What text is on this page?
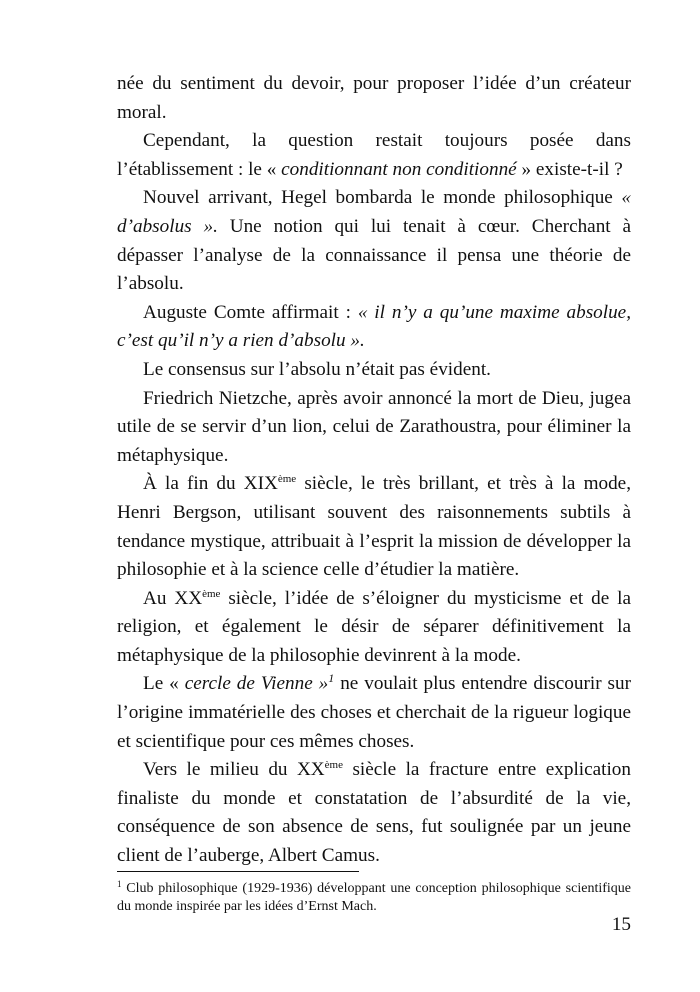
née du sentiment du devoir, pour proposer l’idée d’un créateur moral.

Cependant, la question restait toujours posée dans l’établissement : le « conditionnant non conditionné » existe-t-il ?

Nouvel arrivant, Hegel bombarda le monde philosophique « d’absolus ». Une notion qui lui tenait à cœur. Cherchant à dépasser l’analyse de la connaissance il pensa une théorie de l’absolu.

Auguste Comte affirmait : « il n’y a qu’une maxime absolue, c’est qu’il n’y a rien d’absolu ».

Le consensus sur l’absolu n’était pas évident.

Friedrich Nietzche, après avoir annoncé la mort de Dieu, jugea utile de se servir d’un lion, celui de Zarathoustra, pour éliminer la métaphysique.

À la fin du XIXème siècle, le très brillant, et très à la mode, Henri Bergson, utilisant souvent des raisonnements subtils à tendance mystique, attribuait à l’esprit la mission de développer la philosophie et à la science celle d’étudier la matière.

Au XXème siècle, l’idée de s’éloigner du mysticisme et de la religion, et également le désir de séparer définitivement la métaphysique de la philosophie devinrent à la mode.

Le « cercle de Vienne »$^1$ ne voulait plus entendre discourir sur l’origine immatérielle des choses et cherchait de la rigueur logique et scientifique pour ces mêmes choses.

Vers le milieu du XXème siècle la fracture entre explication finaliste du monde et constatation de l’absurdité de la vie, conséquence de son absence de sens, fut soulignée par un jeune client de l’auberge, Albert Camus.

$^1$ Club philosophique (1929-1936) développant une conception philosophique scientifique du monde inspirée par les idées d’Ernst Mach.
15
